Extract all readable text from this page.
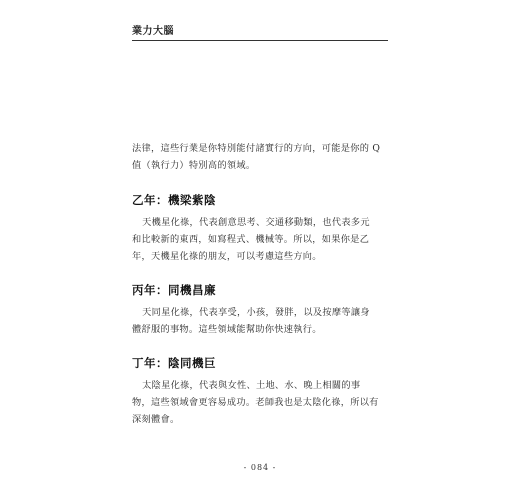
業力大腦

法律，這些行業是你特別能付諸實行的方向，可能是你的 Q

值（執行力）特別高的領域。

乙年：機梁紫陰

天機星化祿，代表創意思考、交通移動類，也代表多元

和比較新的東西，如寫程式、機械等。所以，如果你是乙

年，天機星化祿的朋友，可以考慮這些方向。

丙年：同機昌廉

天同星化祿，代表享受，小孩，發胖，以及按摩等讓身

體舒服的事物。這些領域能幫助你快速執行。

丁年：陰同機巨

太陰星化祿，代表與女性、土地、水、晚上相關的事

物，這些領域會更容易成功。老師我也是太陰化祿，所以有

深刻體會。

- 084 -
